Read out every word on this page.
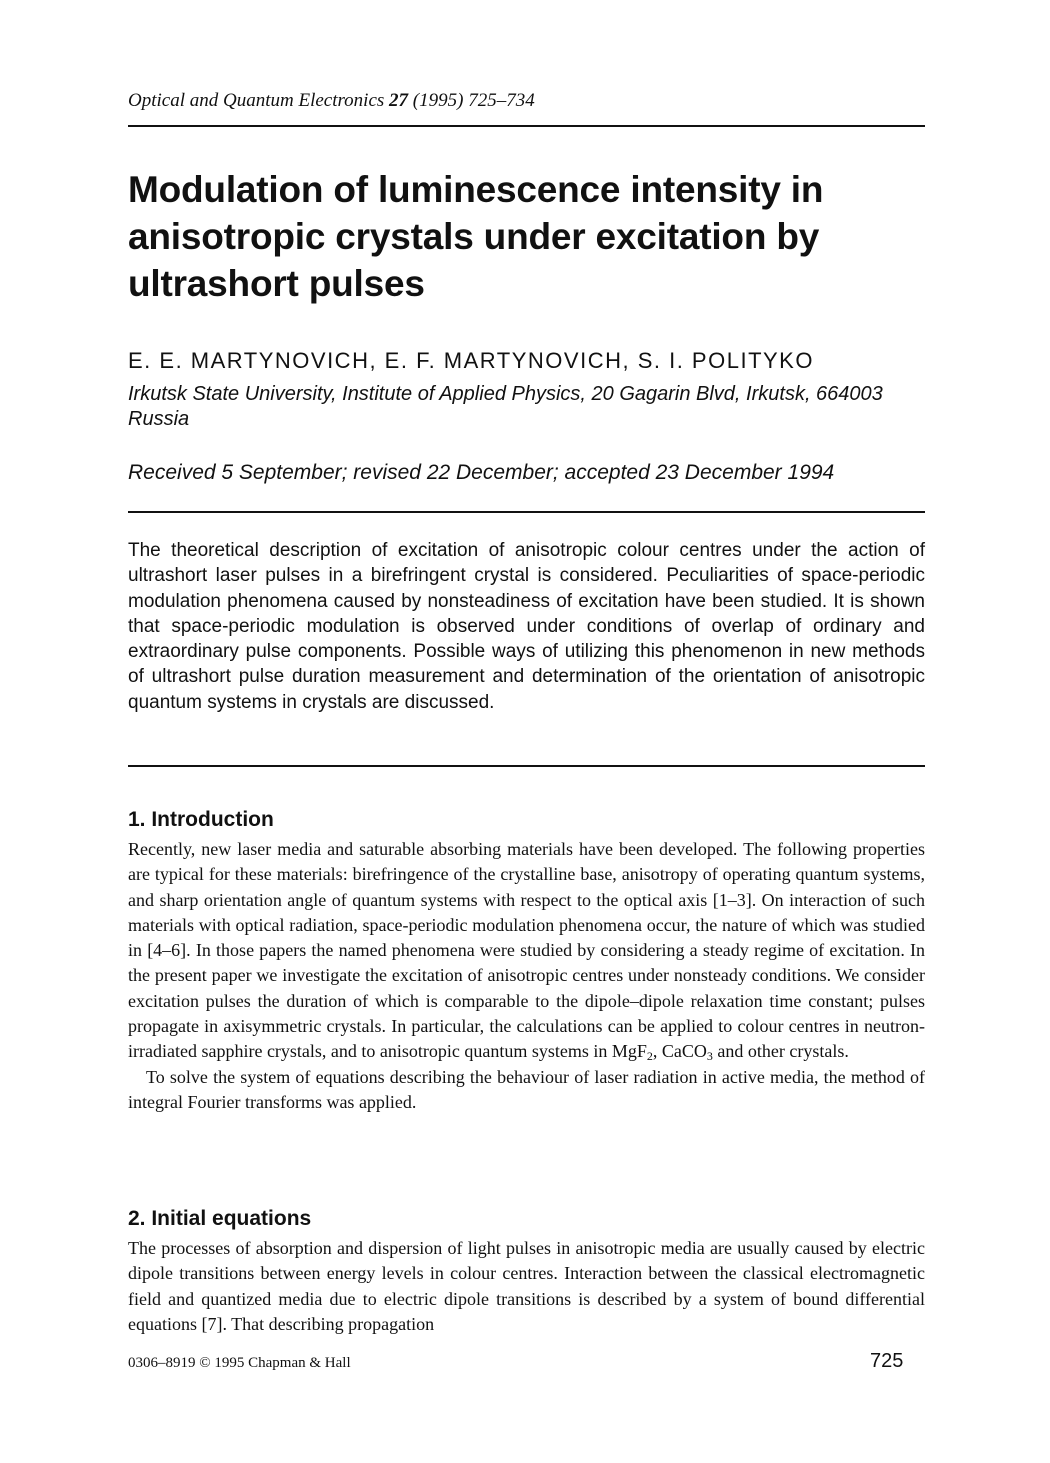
Optical and Quantum Electronics 27 (1995) 725–734
Modulation of luminescence intensity in anisotropic crystals under excitation by ultrashort pulses
E. E. MARTYNOVICH, E. F. MARTYNOVICH, S. I. POLITYKO
Irkutsk State University, Institute of Applied Physics, 20 Gagarin Blvd, Irkutsk, 664003 Russia
Received 5 September; revised 22 December; accepted 23 December 1994
The theoretical description of excitation of anisotropic colour centres under the action of ultrashort laser pulses in a birefringent crystal is considered. Peculiarities of space-periodic modulation phenomena caused by nonsteadiness of excitation have been studied. It is shown that space-periodic modulation is observed under conditions of overlap of ordinary and extraordinary pulse components. Possible ways of utilizing this phenomenon in new methods of ultrashort pulse duration measurement and determination of the orientation of anisotropic quantum systems in crystals are discussed.
1. Introduction

Recently, new laser media and saturable absorbing materials have been developed. The following properties are typical for these materials: birefringence of the crystalline base, anisotropy of operating quantum systems, and sharp orientation angle of quantum systems with respect to the optical axis [1–3]. On interaction of such materials with optical radiation, space-periodic modulation phenomena occur, the nature of which was studied in [4–6]. In those papers the named phenomena were studied by considering a steady regime of excitation. In the present paper we investigate the excitation of anisotropic centres under nonsteady conditions. We consider excitation pulses the duration of which is comparable to the dipole–dipole relaxation time constant; pulses propagate in axisymmetric crystals. In particular, the calculations can be applied to colour centres in neutron-irradiated sapphire crystals, and to anisotropic quantum systems in MgF$_2$, CaCO$_3$ and other crystals.

To solve the system of equations describing the behaviour of laser radiation in active media, the method of integral Fourier transforms was applied.

2. Initial equations

The processes of absorption and dispersion of light pulses in anisotropic media are usually caused by electric dipole transitions between energy levels in colour centres. Interaction between the classical electromagnetic field and quantized media due to electric dipole transitions is described by a system of bound differential equations [7]. That describing propagation

0306–8919 © 1995 Chapman & Hall	725
